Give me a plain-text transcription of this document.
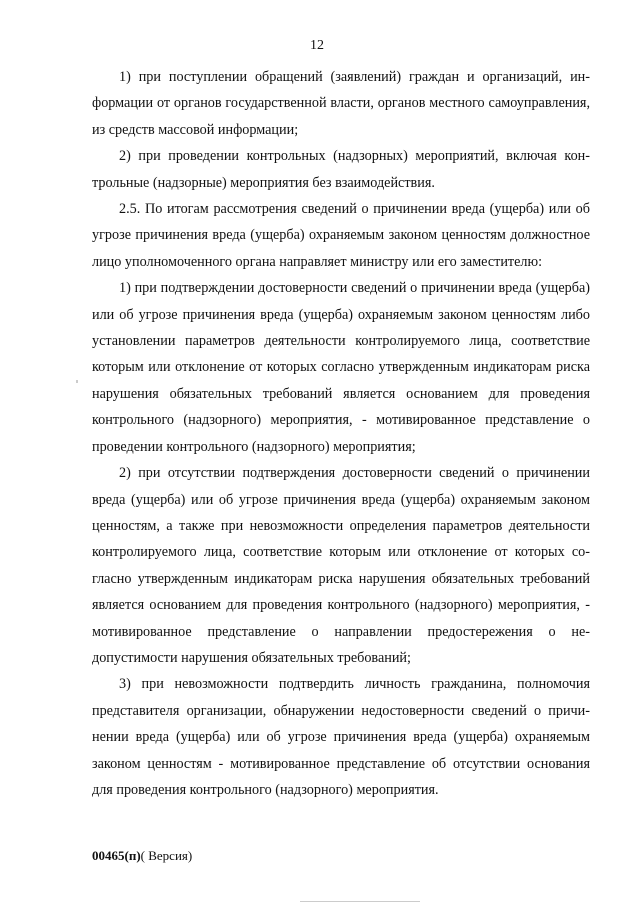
12

1) при поступлении обращений (заявлений) граждан и организаций, информации от органов государственной власти, органов местного самоуправления, из средств массовой информации;

2) при проведении контрольных (надзорных) мероприятий, включая контрольные (надзорные) мероприятия без взаимодействия.

2.5. По итогам рассмотрения сведений о причинении вреда (ущерба) или об угрозе причинения вреда (ущерба) охраняемым законом ценностям должностное лицо уполномоченного органа направляет министру или его заместителю:

1) при подтверждении достоверности сведений о причинении вреда (ущерба) или об угрозе причинения вреда (ущерба) охраняемым законом ценностям либо установлении параметров деятельности контролируемого лица, соответствие которым или отклонение от которых согласно утвержденным индикаторам риска нарушения обязательных требований является основанием для проведения контрольного (надзорного) мероприятия, - мотивированное представление о проведении контрольного (надзорного) мероприятия;

2) при отсутствии подтверждения достоверности сведений о причинении вреда (ущерба) или об угрозе причинения вреда (ущерба) охраняемым законом ценностям, а также при невозможности определения параметров деятельности контролируемого лица, соответствие которым или отклонение от которых согласно утвержденным индикаторам риска нарушения обязательных требований является основанием для проведения контрольного (надзорного) мероприятия, - мотивированное представление о направлении предостережения о недопустимости нарушения обязательных требований;

3) при невозможности подтвердить личность гражданина, полномочия представителя организации, обнаружении недостоверности сведений о причинении вреда (ущерба) или об угрозе причинения вреда (ущерба) охраняемым законом ценностям - мотивированное представление об отсутствии основания для проведения контрольного (надзорного) мероприятия.

00465(п)( Версия)
